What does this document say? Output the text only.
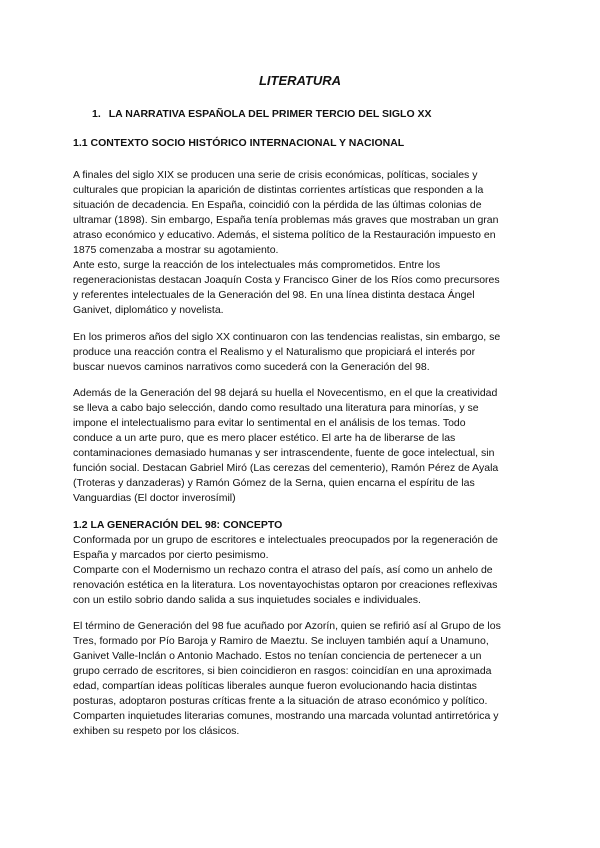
LITERATURA
1. LA NARRATIVA ESPAÑOLA DEL PRIMER TERCIO DEL SIGLO XX
1.1 CONTEXTO SOCIO HISTÓRICO INTERNACIONAL Y NACIONAL
A finales del siglo XIX se producen una serie de crisis económicas, políticas, sociales y
culturales que propician la aparición de distintas corrientes artísticas que responden a la
situación de decadencia. En España, coincidió con la pérdida de las últimas colonias de
ultramar (1898). Sin embargo, España tenía problemas más graves que mostraban un gran
atraso económico y educativo. Además, el sistema político de la Restauración impuesto en
1875 comenzaba a mostrar su agotamiento.
Ante esto, surge la reacción de los intelectuales más comprometidos. Entre los
regeneracionistas destacan Joaquín Costa y Francisco Giner de los Ríos como precursores
y referentes intelectuales de la Generación del 98. En una línea distinta destaca Ángel
Ganivet, diplomático y novelista.
En los primeros años del siglo XX continuaron con las tendencias realistas, sin embargo, se
produce una reacción contra el Realismo y el Naturalismo que propiciará el interés por
buscar nuevos caminos narrativos como sucederá con la Generación del 98.
Además de la Generación del 98 dejará su huella el Novecentismo, en el que la creatividad
se lleva a cabo bajo selección, dando como resultado una literatura para minorías, y se
impone el intelectualismo para evitar lo sentimental en el análisis de los temas. Todo
conduce a un arte puro, que es mero placer estético. El arte ha de liberarse de las
contaminaciones demasiado humanas y ser intrascendente, fuente de goce intelectual, sin
función social. Destacan Gabriel Miró (Las cerezas del cementerio), Ramón Pérez de Ayala
(Troteras y danzaderas) y Ramón Gómez de la Serna, quien encarna el espíritu de las
Vanguardias (El doctor inverosímil)
1.2 LA GENERACIÓN DEL 98: CONCEPTO
Conformada por un grupo de escritores e intelectuales preocupados por la regeneración de
España y marcados por cierto pesimismo.
Comparte con el Modernismo un rechazo contra el atraso del país, así como un anhelo de
renovación estética en la literatura. Los noventayochistas optaron por creaciones reflexivas
con un estilo sobrio dando salida a sus inquietudes sociales e individuales.
El término de Generación del 98 fue acuñado por Azorín, quien se refirió así al Grupo de los
Tres, formado por Pío Baroja y Ramiro de Maeztu. Se incluyen también aquí a Unamuno,
Ganivet Valle-Inclán o Antonio Machado. Estos no tenían conciencia de pertenecer a un
grupo cerrado de escritores, si bien coincidieron en rasgos: coincidían en una aproximada
edad, compartían ideas políticas liberales aunque fueron evolucionando hacia distintas
posturas, adoptaron posturas críticas frente a la situación de atraso económico y político.
Comparten inquietudes literarias comunes, mostrando una marcada voluntad antirretórica y
exhiben su respeto por los clásicos.
